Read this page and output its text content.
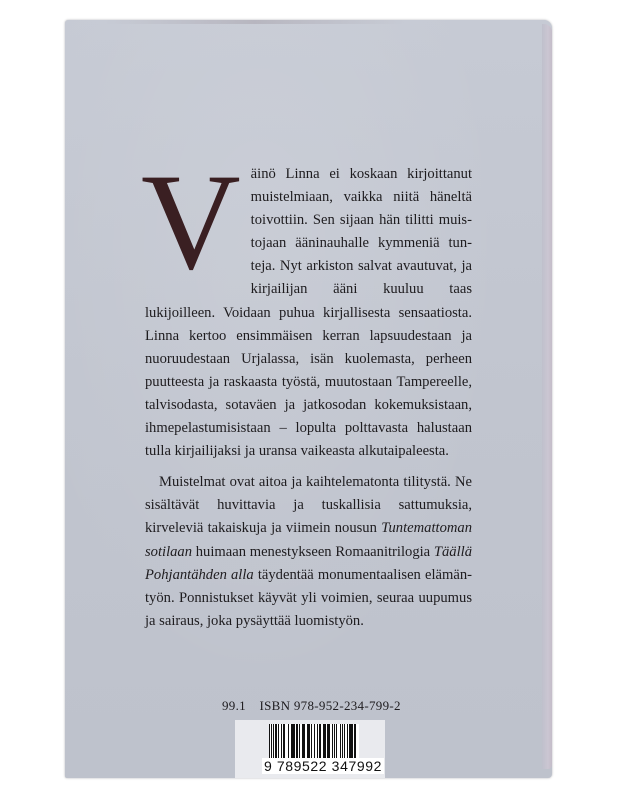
Väinö Linna ei koskaan kirjoittanut muistelmiaan, vaikka niitä häneltä toivottiin. Sen sijaan hän tilitti muistojaan ääninauhalle kymmeniä tunteja. Nyt arkiston salvat avautuvat, ja kirjailijan ääni kuuluu taas lukijoilleen. Voidaan puhua kirjallisesta sensaatiosta. Linna kertoo ensimmäisen kerran lapsuudestaan ja nuoruudestaan Urjalassa, isän kuolemasta, perheen puutteesta ja raskaasta työstä, muutostaan Tampereelle, talvisodasta, sotaväen ja jatkosodan kokemuksistaan, ihmepelastumisistaan – lopulta polttavasta halustaan tulla kirjailijaksi ja uransa vaikeasta alkutaipaleesta.

Muistelmat ovat aitoa ja kaihtelematonta tilitystä. Ne sisältävät huvittavia ja tuskallisia sattumuksia, kirveleviä takaiskuja ja viimein nousun Tuntemattoman sotilaan huimaan menestykseen Romaanitrilogia Täällä Pohjantähden alla täydentää monumentaalisen elämäntyön. Ponnistukset käyvät yli voimien, seuraa uupumus ja sairaus, joka pysäyttää luomistyön.

99.1 ISBN 978-952-234-799-2
9 789522 347992
